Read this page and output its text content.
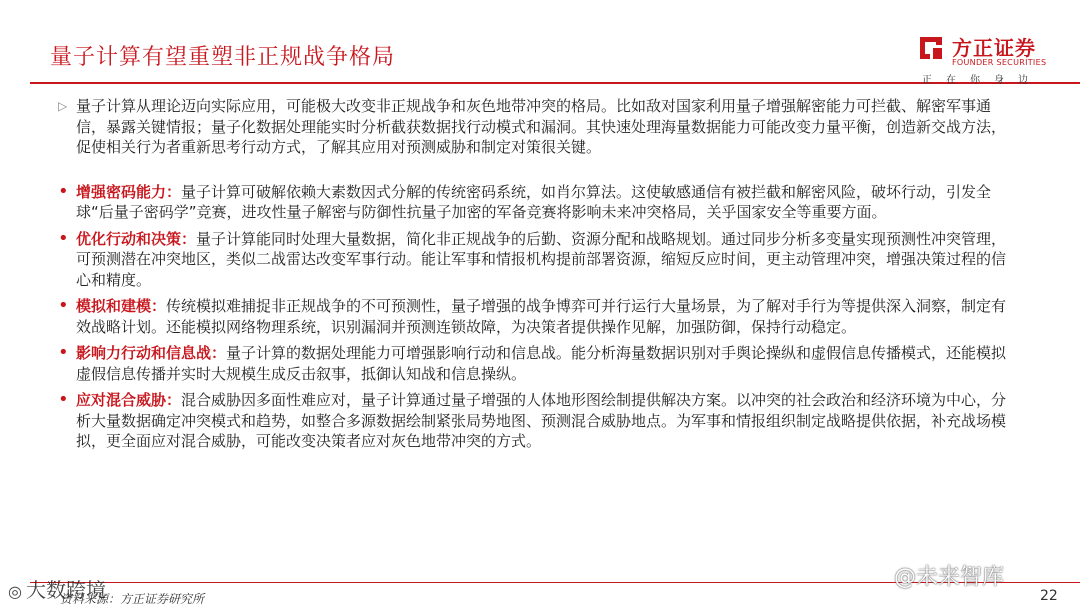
量子计算有望重塑非正规战争格局	方正证券
FOUNDER SECURITIES
正在你身边
▷ 量子计算从理论迈向实际应用，可能极大改变非正规战争和灰色地带冲突的格局。比如敌对国家利用量子增强解密能力可拦截、解密军事通信，暴露关键情报；量子化数据处理能实时分析截获数据找行动模式和漏洞。其快速处理海量数据能力可能改变力量平衡，创造新交战方法，促使相关行为者重新思考行动方式，了解其应用对预测威胁和制定对策很关键。
• 增强密码能力：量子计算可破解依赖大素数因式分解的传统密码系统，如肖尔算法。这使敏感通信有被拦截和解密风险，破坏行动，引发全球“后量子密码学”竞赛，进攻性量子解密与防御性抗量子加密的军备竞赛将影响未来冲突格局，关乎国家安全等重要方面。
• 优化行动和决策：量子计算能同时处理大量数据，简化非正规战争的后勤、资源分配和战略规划。通过同步分析多变量实现预测性冲突管理，可预测潜在冲突地区，类似二战雷达改变军事行动。能让军事和情报机构提前部署资源，缩短反应时间，更主动管理冲突，增强决策过程的信心和精度。
• 模拟和建模：传统模拟难捕捉非正规战争的不可预测性，量子增强的战争博弈可并行运行大量场景，为了解对手行为等提供深入洞察，制定有效战略计划。还能模拟网络物理系统，识别漏洞并预测连锁故障，为决策者提供操作见解，加强防御，保持行动稳定。
• 影响力行动和信息战：量子计算的数据处理能力可增强影响行动和信息战。能分析海量数据识别对手舆论操纵和虚假信息传播模式，还能模拟虚假信息传播并实时大规模生成反击叙事，抵御认知战和信息操纵。
• 应对混合威胁：混合威胁因多面性难应对，量子计算通过量子增强的人体地形图绘制提供解决方案。以冲突的社会政治和经济环境为中心，分析大量数据确定冲突模式和趋势，如整合多源数据绘制紧张局势地图、预测混合威胁地点。为军事和情报组织制定战略提供依据，补充战场模拟，更全面应对混合威胁，可能改变决策者应对灰色地带冲突的方式。
资料来源：方正证券研究所
◎ 大数跨境	@未来智库
22
